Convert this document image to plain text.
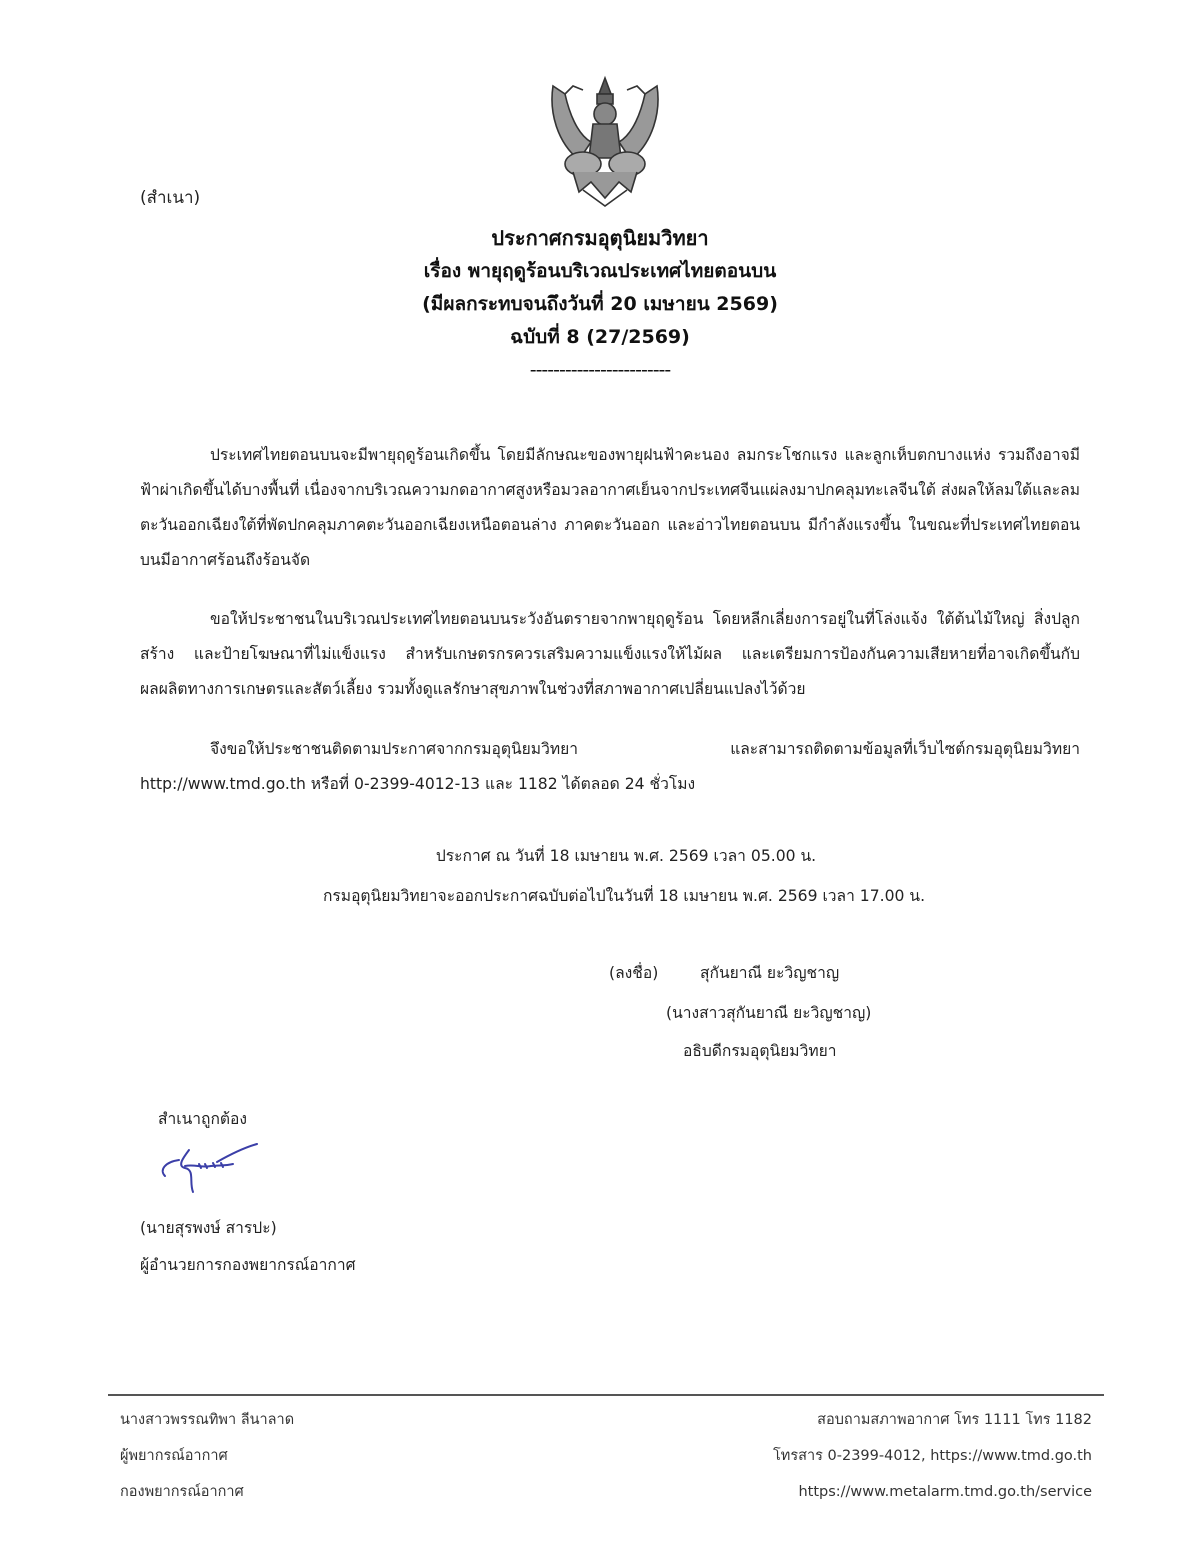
(สำเนา)
ประกาศกรมอุตุนิยมวิทยา
เรื่อง พายุฤดูร้อนบริเวณประเทศไทยตอนบน
(มีผลกระทบจนถึงวันที่ 20 เมษายน 2569)
ฉบับที่ 8 (27/2569)
------------------------
ประเทศไทยตอนบนจะมีพายุฤดูร้อนเกิดขึ้น โดยมีลักษณะของพายุฝนฟ้าคะนอง ลมกระโชกแรง และลูกเห็บตกบางแห่ง รวมถึงอาจมีฟ้าผ่าเกิดขึ้นได้บางพื้นที่ เนื่องจากบริเวณความกดอากาศสูงหรือมวลอากาศเย็นจากประเทศจีนแผ่ลงมาปกคลุมทะเลจีนใต้ ส่งผลให้ลมใต้และลมตะวันออกเฉียงใต้ที่พัดปกคลุมภาคตะวันออกเฉียงเหนือตอนล่าง ภาคตะวันออก และอ่าวไทยตอนบน มีกำลังแรงขึ้น ในขณะที่ประเทศไทยตอนบนมีอากาศร้อนถึงร้อนจัด
ขอให้ประชาชนในบริเวณประเทศไทยตอนบนระวังอันตรายจากพายุฤดูร้อน โดยหลีกเลี่ยงการอยู่ในที่โล่งแจ้ง ใต้ต้นไม้ใหญ่ สิ่งปลูกสร้าง และป้ายโฆษณาที่ไม่แข็งแรง สำหรับเกษตรกรควรเสริมความแข็งแรงให้ไม้ผล และเตรียมการป้องกันความเสียหายที่อาจเกิดขึ้นกับผลผลิตทางการเกษตรและสัตว์เลี้ยง รวมทั้งดูแลรักษาสุขภาพในช่วงที่สภาพอากาศเปลี่ยนแปลงไว้ด้วย
จึงขอให้ประชาชนติดตามประกาศจากกรมอุตุนิยมวิทยา และสามารถติดตามข้อมูลที่เว็บไซต์กรมอุตุนิยมวิทยา http://www.tmd.go.th หรือที่ 0-2399-4012-13 และ 1182 ได้ตลอด 24 ชั่วโมง
ประกาศ ณ วันที่ 18 เมษายน พ.ศ. 2569 เวลา 05.00 น.
กรมอุตุนิยมวิทยาจะออกประกาศฉบับต่อไปในวันที่ 18 เมษายน พ.ศ. 2569 เวลา 17.00 น.
(ลงชื่อ)	สุกันยาณี ยะวิญชาญ
(นางสาวสุกันยาณี ยะวิญชาญ)
อธิบดีกรมอุตุนิยมวิทยา
สำเนาถูกต้อง
(นายสุรพงษ์ สารปะ)
ผู้อำนวยการกองพยากรณ์อากาศ
นางสาวพรรณทิพา ลีนาลาด
ผู้พยากรณ์อากาศ
กองพยากรณ์อากาศ
สอบถามสภาพอากาศ โทร 1111 โทร 1182
โทรสาร 0-2399-4012, https://www.tmd.go.th
https://www.metalarm.tmd.go.th/service
